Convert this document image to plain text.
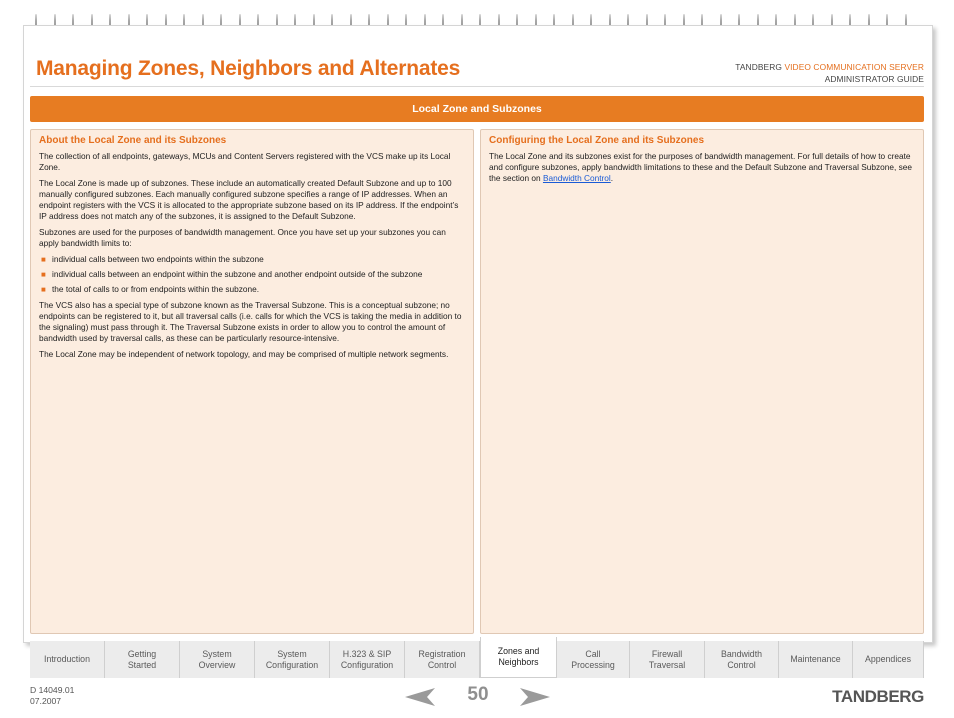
Managing Zones, Neighbors and Alternates	TANDBERG VIDEO COMMUNICATION SERVER
ADMINISTRATOR GUIDE
Local Zone and Subzones
About the Local Zone and its Subzones

The collection of all endpoints, gateways, MCUs and Content Servers registered with the VCS make up its Local Zone.

The Local Zone is made up of subzones. These include an automatically created Default Subzone and up to 100 manually configured subzones. Each manually configured subzone specifies a range of IP addresses. When an endpoint registers with the VCS it is allocated to the appropriate subzone based on its IP address. If the endpoint’s IP address does not match any of the subzones, it is assigned to the Default Subzone.

Subzones are used for the purposes of bandwidth management. Once you have set up your subzones you can apply bandwidth limits to:

■ individual calls between two endpoints within the subzone
■ individual calls between an endpoint within the subzone and another endpoint outside of the subzone
■ the total of calls to or from endpoints within the subzone.

The VCS also has a special type of subzone known as the Traversal Subzone. This is a conceptual subzone; no endpoints can be registered to it, but all traversal calls (i.e. calls for which the VCS is taking the media in addition to the signaling) must pass through it. The Traversal Subzone exists in order to allow you to control the amount of bandwidth used by traversal calls, as these can be particularly resource-intensive.

The Local Zone may be independent of network topology, and may be comprised of multiple network segments.

Configuring the Local Zone and its Subzones

The Local Zone and its subzones exist for the purposes of bandwidth management. For full details of how to create and configure subzones, apply bandwidth limitations to these and the Default Subzone and Traversal Subzone, see the section on Bandwidth Control.

Introduction
Getting
Started
System
Overview
System
Configuration
H.323 & SIP
Configuration
Registration
Control
Zones and
Neighbors
Call
Processing
Firewall
Traversal
Bandwidth
Control
Maintenance	Appendices
D 14049.01
07.2007	50	TANDBERG
